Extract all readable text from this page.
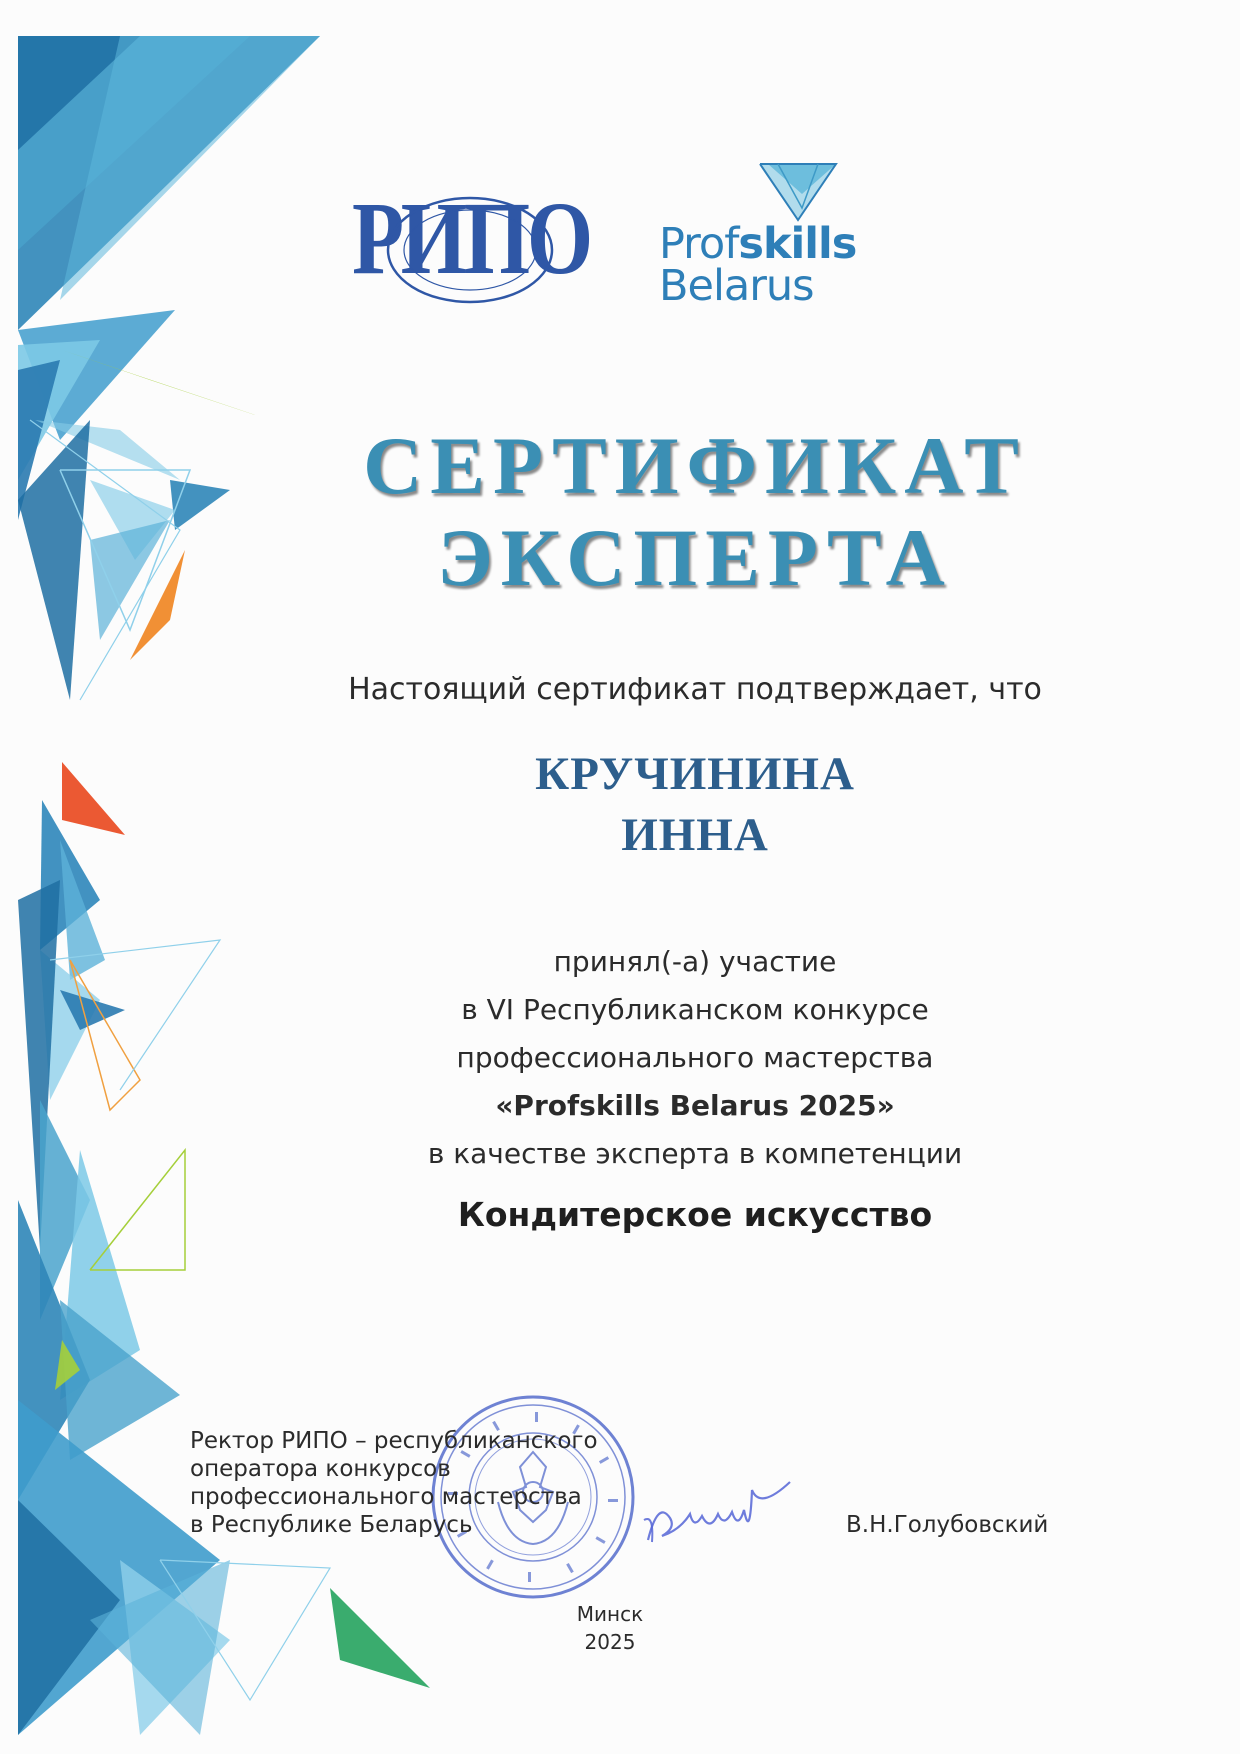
РИПО Profskills
Belarus
СЕРТИФИКАТ
ЭКСПЕРТА
Настоящий сертификат подтверждает, что
КРУЧИНИНА
ИННА
принял(-а) участие
в VI Республиканском конкурсе
профессионального мастерства
«Profskills Belarus 2025»
в качестве эксперта в компетенции
Кондитерское искусство
Ректор РИПО – республиканского
оператора конкурсов
профессионального мастерства
в Республике Беларусь	В.Н.Голубовский
Минск
2025
